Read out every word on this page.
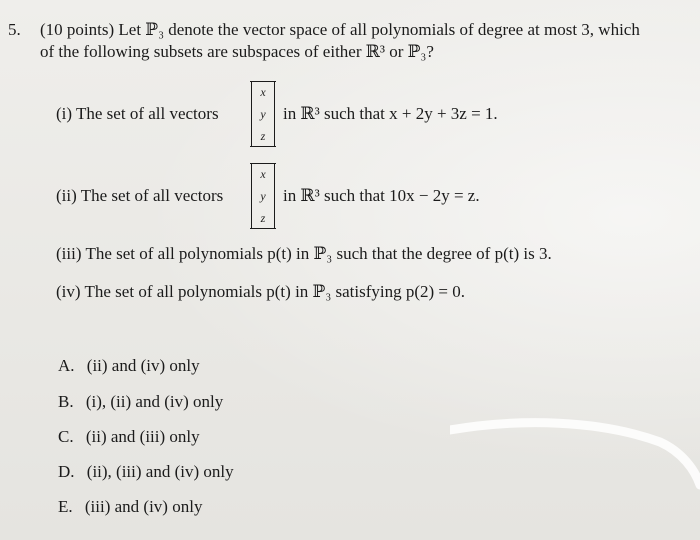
5. (10 points) Let ℙ₃ denote the vector space of all polynomials of degree at most 3, which
of the following subsets are subspaces of either ℝ³ or ℙ₃?
(i) The set of all vectors
x
y
z
in ℝ³ such that x + 2y + 3z = 1.
(ii) The set of all vectors
x
y
z
in ℝ³ such that 10x − 2y = z.
(iii) The set of all polynomials p(t) in ℙ₃ such that the degree of p(t) is 3.
(iv) The set of all polynomials p(t) in ℙ₃ satisfying p(2) = 0.
A. (ii) and (iv) only
B. (i), (ii) and (iv) only
C. (ii) and (iii) only
D. (ii), (iii) and (iv) only
E. (iii) and (iv) only
